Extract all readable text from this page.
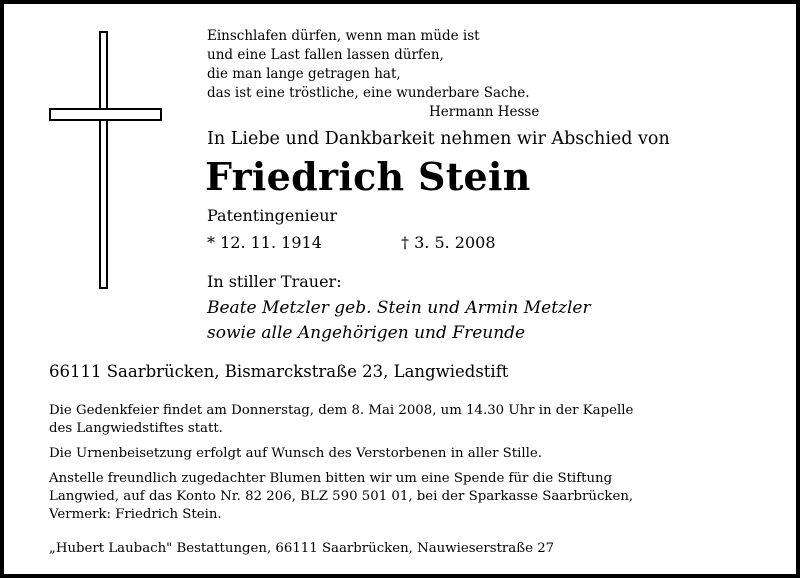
Einschlafen dürfen, wenn man müde ist
und eine Last fallen lassen dürfen,
die man lange getragen hat,
das ist eine tröstliche, eine wunderbare Sache.
Hermann Hesse
In Liebe und Dankbarkeit nehmen wir Abschied von
Friedrich Stein
Patentingenieur
* 12. 11. 1914	† 3. 5. 2008
In stiller Trauer:
Beate Metzler geb. Stein und Armin Metzler
sowie alle Angehörigen und Freunde
66111 Saarbrücken, Bismarckstraße 23, Langwiedstift

Die Gedenkfeier findet am Donnerstag, dem 8. Mai 2008, um 14.30 Uhr in der Kapelle
des Langwiedstiftes statt.

Die Urnenbeisetzung erfolgt auf Wunsch des Verstorbenen in aller Stille.

Anstelle freundlich zugedachter Blumen bitten wir um eine Spende für die Stiftung
Langwied, auf das Konto Nr. 82 206, BLZ 590 501 01, bei der Sparkasse Saarbrücken,
Vermerk: Friedrich Stein.

„Hubert Laubach" Bestattungen, 66111 Saarbrücken, Nauwieserstraße 27
